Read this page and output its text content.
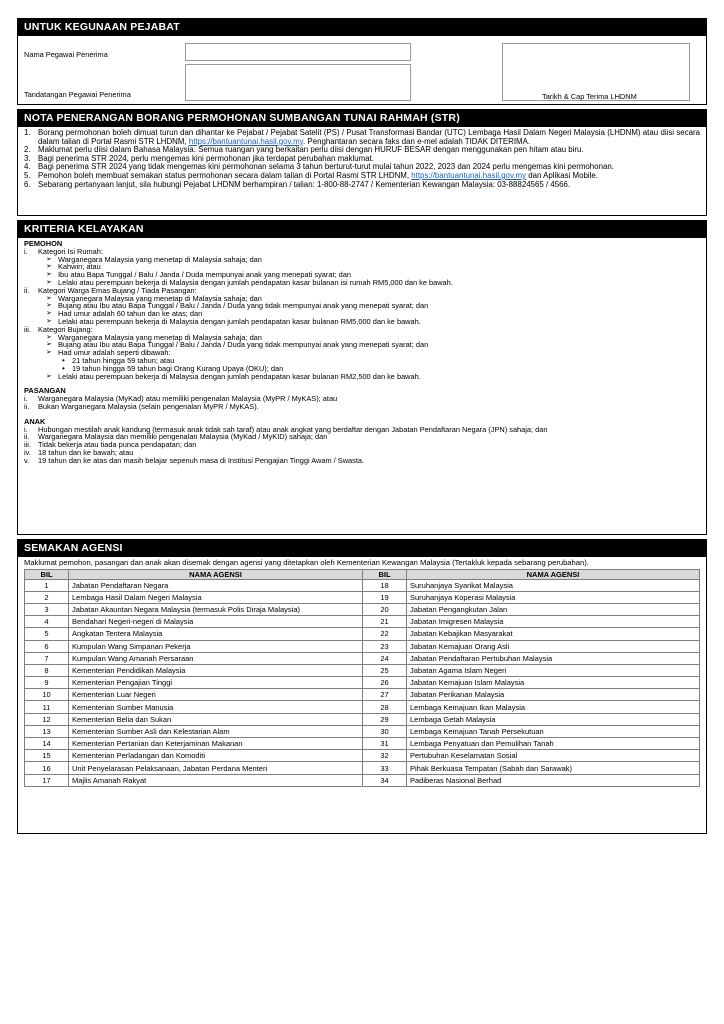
UNTUK KEGUNAAN PEJABAT
Nama Pegawai Penerima
Tandatangan Pegawai Penerima	Tarikh & Cap Terima LHDNM
NOTA PENERANGAN BORANG PERMOHONAN SUMBANGAN TUNAI RAHMAH (STR)
1. Borang permohonan boleh dimuat turun dan dihantar ke Pejabat / Pejabat Satelit (PS) / Pusat Transformasi Bandar (UTC) Lembaga Hasil Dalam Negeri Malaysia (LHDNM) atau diisi secara dalam talian di Portal Rasmi STR LHDNM, https://bantuantunai.hasil.gov.my. Penghantaran secara faks dan e-mel adalah TIDAK DITERIMA.
2. Maklumat perlu diisi dalam Bahasa Malaysia. Semua ruangan yang berkaitan perlu diisi dengan HURUF BESAR dengan menggunakan pen hitam atau biru.
3. Bagi penerima STR 2024, perlu mengemas kini permohonan jika terdapat perubahan maklumat.
4. Bagi penerima STR 2024 yang tidak mengemas kini permohonan selama 3 tahun berturut-turut mulai tahun 2022, 2023 dan 2024 perlu mengemas kini permohonan.
5. Pemohon boleh membuat semakan status permohonan secara dalam talian di Portal Rasmi STR LHDNM, https://bantuantunai.hasil.gov.my dan Aplikasi Mobile.
6. Sebarang pertanyaan lanjut, sila hubungi Pejabat LHDNM berhampiran / talian: 1-800-88-2747 / Kementerian Kewangan Malaysia: 03-88824565 / 4566.
KRITERIA KELAYAKAN
PEMOHON
i.	Kategori Isi Rumah:
➢ Warganegara Malaysia yang menetap di Malaysia sahaja; dan
➢ Kahwin; atau
➢ Ibu atau Bapa Tunggal / Balu / Janda / Duda mempunyai anak yang menepati syarat; dan
➢ Lelaki atau perempuan bekerja di Malaysia dengan jumlah pendapatan kasar bulanan isi rumah RM5,000 dan ke bawah.
ii.	Kategori Warga Emas Bujang / Tiada Pasangan:
➢ Warganegara Malaysia yang menetap di Malaysia sahaja; dan
➢ Bujang atau Ibu atau Bapa Tunggal / Balu / Janda / Duda yang tidak mempunyai anak yang menepati syarat; dan
➢ Had umur adalah 60 tahun dan ke atas; dan
➢ Lelaki atau perempuan bekerja di Malaysia dengan jumlah pendapatan kasar bulanan RM5,000 dan ke bawah.
iii. Kategori Bujang:
➢ Warganegara Malaysia yang menetap di Malaysia sahaja; dan
➢ Bujang atau Ibu atau Bapa Tunggal / Balu / Janda / Duda yang tidak mempunyai anak yang menepati syarat; dan
➢ Had umur adalah seperti dibawah:
• 21 tahun hingga 59 tahun; atau
• 19 tahun hingga 59 tahun bagi Orang Kurang Upaya (OKU); dan
➢ Lelaki atau perempuan bekerja di Malaysia dengan jumlah pendapatan kasar bulanan RM2,500 dan ke bawah.
PASANGAN
i.	Warganegara Malaysia (MyKad) atau memiliki pengenalan Malaysia (MyPR / MyKAS); atau
ii.	Bukan Warganegara Malaysia (selain pengenalan MyPR / MyKAS).
ANAK
i.	Hubungan mestilah anak kandung (termasuk anak tidak sah taraf) atau anak angkat yang berdaftar dengan Jabatan Pendaftaran Negara (JPN) sahaja; dan
ii.	Warganegara Malaysia dan memiliki pengenalan Malaysia (MyKad / MyKID) sahaja; dan
iii. Tidak bekerja atau tiada punca pendapatan; dan
iv. 18 tahun dan ke bawah; atau
v.	19 tahun dan ke atas dan masih belajar sepenuh masa di Institusi Pengajian Tinggi Awam / Swasta.
SEMAKAN AGENSI
Maklumat pemohon, pasangan dan anak akan disemak dengan agensi yang ditetapkan oleh Kementerian Kewangan Malaysia (Tertakluk kepada sebarang perubahan).
BIL	NAMA AGENSI	BIL	NAMA AGENSI
1	Jabatan Pendaftaran Negara	18	Suruhanjaya Syarikat Malaysia
2	Lembaga Hasil Dalam Negeri Malaysia	19	Suruhanjaya Koperasi Malaysia
3	Jabatan Akauntan Negara Malaysia (termasuk Polis Diraja Malaysia)	20	Jabatan Pengangkutan Jalan
4	Bendahari Negeri-negeri di Malaysia	21	Jabatan Imigresen Malaysia
5	Angkatan Tentera Malaysia	22	Jabatan Kebajikan Masyarakat
6	Kumpulan Wang Simpanan Pekerja	23	Jabatan Kemajuan Orang Asli
7	Kumpulan Wang Amanah Persaraan	24	Jabatan Pendaftaran Pertubuhan Malaysia
8	Kementerian Pendidikan Malaysia	25	Jabatan Agama Islam Negeri
9	Kementerian Pengajian Tinggi	26	Jabatan Kemajuan Islam Malaysia
10	Kementerian Luar Negeri	27	Jabatan Perikanan Malaysia
11	Kementerian Sumber Manusia	28	Lembaga Kemajuan Ikan Malaysia
12	Kementerian Belia dan Sukan	29	Lembaga Getah Malaysia
13	Kementerian Sumber Asli dan Kelestarian Alam	30	Lembaga Kemajuan Tanah Persekutuan
14	Kementerian Pertanian dan Keterjaminan Makanan	31	Lembaga Penyatuan dan Pemulihan Tanah
15	Kementerian Perladangan dan Komoditi	32	Pertubuhan Keselamatan Sosial
16	Unit Penyelarasan Pelaksanaan, Jabatan Perdana Menteri	33	Pihak Berkuasa Tempatan (Sabah dan Sarawak)
17	Majlis Amanah Rakyat	34	Padiberas Nasional Berhad
